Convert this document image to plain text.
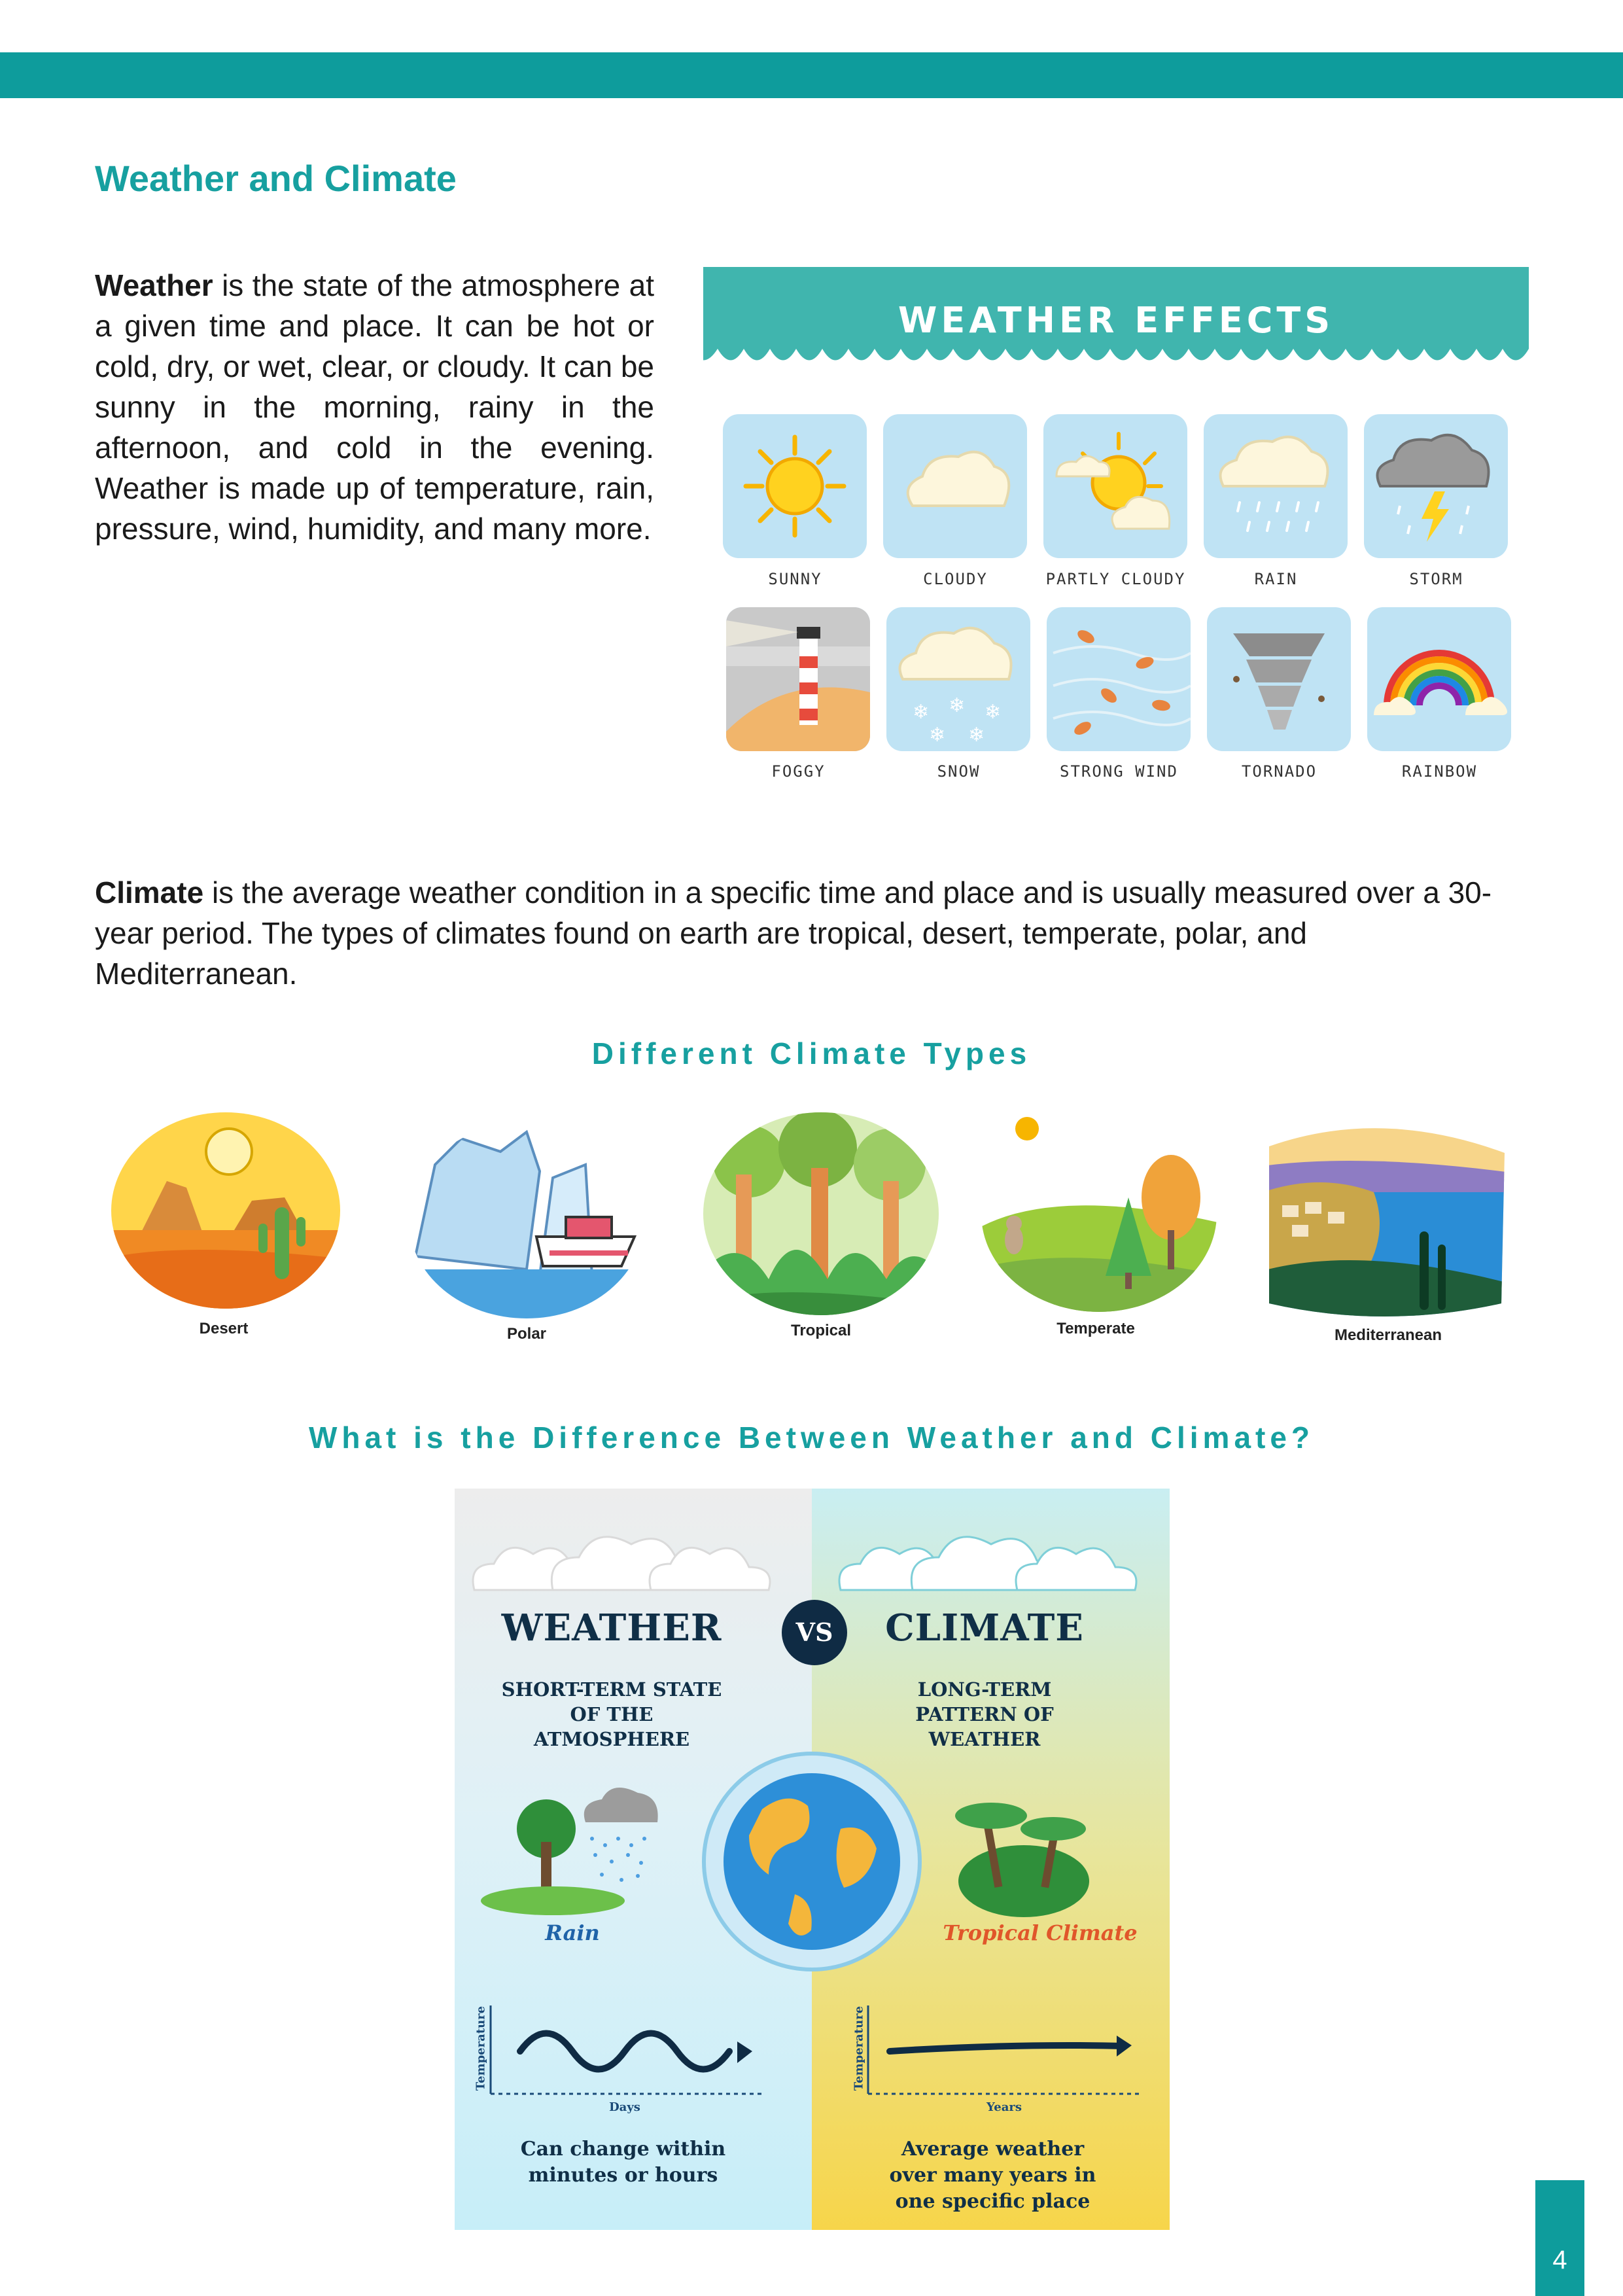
Weather and Climate
Weather is the state of the atmosphere at a given time and place. It can be hot or cold, dry, or wet, clear, or cloudy. It can be sunny in the morning, rainy in the afternoon, and cold in the evening. Weather is made up of temperature, rain, pressure, wind, humidity, and many more.
WEATHER EFFECTS
SUNNY	CLOUDY	PARTLY CLOUDY	RAIN	STORM
❄ ❄ ❄
❄ ❄
FOGGY	SNOW	STRONG WIND	TORNADO	RAINBOW
Climate is the average weather condition in a specific time and place and is usually measured over a 30-year period. The types of climates found on earth are tropical, desert, temperate, polar, and Mediterranean.
Different Climate Types
Desert	Polar	Tropical	Temperate	Mediterranean
What is the Difference Between Weather and Climate?
WEATHER	VS	CLIMATE
SHORT-TERM STATE OF THE ATMOSPHERE
LONG-TERM PATTERN OF WEATHER
Rain	Tropical Climate
Temperature	Temperature
Days	Years
Can change within minutes or hours
Average weather over many years in one specific place
4
